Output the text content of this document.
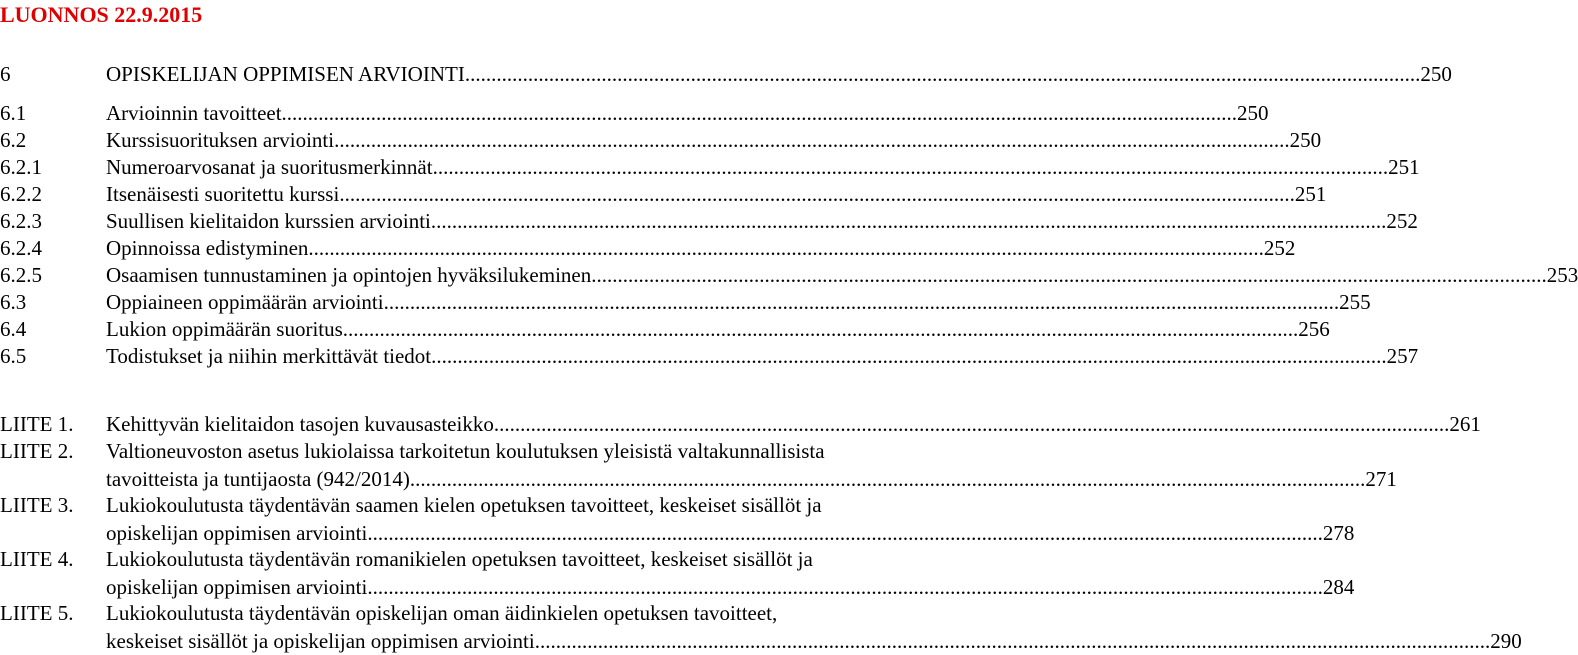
LUONNOS 22.9.2015
6	OPISKELIJAN OPPIMISEN ARVIOINTI ...................................................................................................................................................................................... 250
6.1	Arvioinnin tavoitteet ...................................................................................................................................................................................... 250
6.2	Kurssisuorituksen arviointi ...................................................................................................................................................................................... 250
6.2.1	Numeroarvosanat ja suoritusmerkinnät ...................................................................................................................................................................................... 251
6.2.2	Itsenäisesti suoritettu kurssi ...................................................................................................................................................................................... 251
6.2.3	Suullisen kielitaidon kurssien arviointi ...................................................................................................................................................................................... 252
6.2.4	Opinnoissa edistyminen ...................................................................................................................................................................................... 252
6.2.5	Osaamisen tunnustaminen ja opintojen hyväksilukeminen ...................................................................................................................................................................................... 253
6.3	Oppiaineen oppimäärän arviointi ...................................................................................................................................................................................... 255
6.4	Lukion oppimäärän suoritus ...................................................................................................................................................................................... 256
6.5	Todistukset ja niihin merkittävät tiedot ...................................................................................................................................................................................... 257
LIITE 1. Kehittyvän kielitaidon tasojen kuvausasteikko ...................................................................................................................................................................................... 261
LIITE 2. Valtioneuvoston asetus lukiolaissa tarkoitetun koulutuksen yleisistä valtakunnallisista
tavoitteista ja tuntijaosta (942/2014) ...................................................................................................................................................................................... 271
LIITE 3. Lukiokoulutusta täydentävän saamen kielen opetuksen tavoitteet, keskeiset sisällöt ja
opiskelijan oppimisen arviointi ...................................................................................................................................................................................... 278
LIITE 4. Lukiokoulutusta täydentävän romanikielen opetuksen tavoitteet, keskeiset sisällöt ja
opiskelijan oppimisen arviointi ...................................................................................................................................................................................... 284
LIITE 5. Lukiokoulutusta täydentävän opiskelijan oman äidinkielen opetuksen tavoitteet,
keskeiset sisällöt ja opiskelijan oppimisen arviointi ...................................................................................................................................................................................... 290
